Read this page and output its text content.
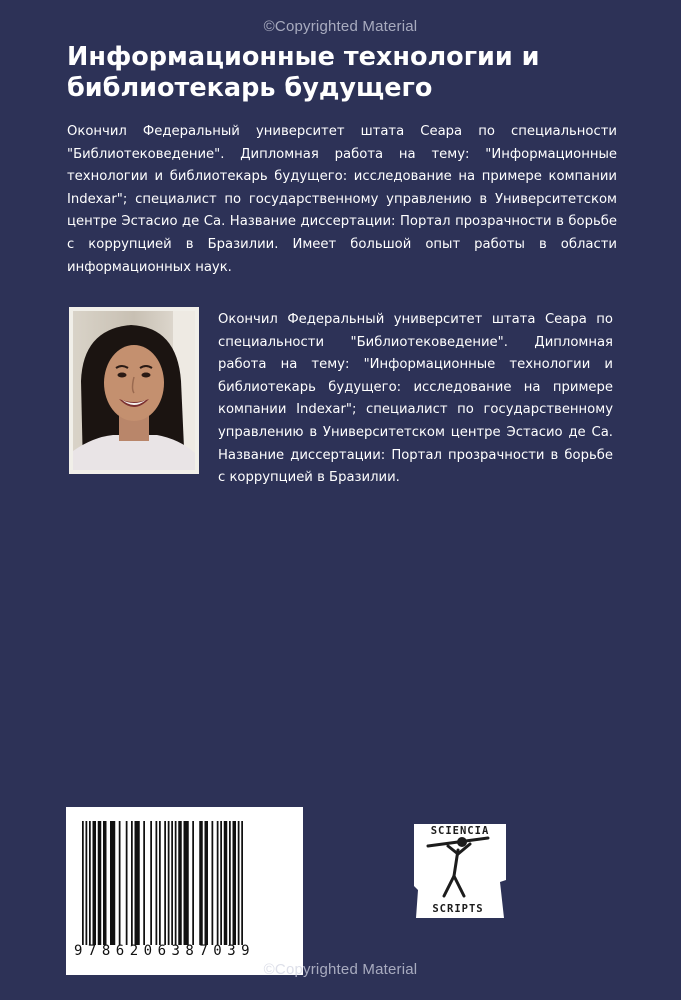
©Copyrighted Material
Информационные технологии и библиотекарь будущего

Окончил Федеральный университет штата Сеара по специальности "Библиотековедение". Дипломная работа на тему: "Информационные технологии и библиотекарь будущего: исследование на примере компании Indexar"; специалист по государственному управлению в Университетском центре Эстасио де Са. Название диссертации: Портал прозрачности в борьбе с коррупцией в Бразилии. Имеет большой опыт работы в области информационных наук.

Окончил Федеральный университет штата Сеара по специальности "Библиотековедение". Дипломная работа на тему: "Информационные технологии и библиотекарь будущего: исследование на примере компании Indexar"; специалист по государственному управлению в Университетском центре Эстасио де Са. Название диссертации: Портал прозрачности в борьбе с коррупцией в Бразилии.

9786206387039
SCIENCIA
SCRIPTS
©Copyrighted Material
